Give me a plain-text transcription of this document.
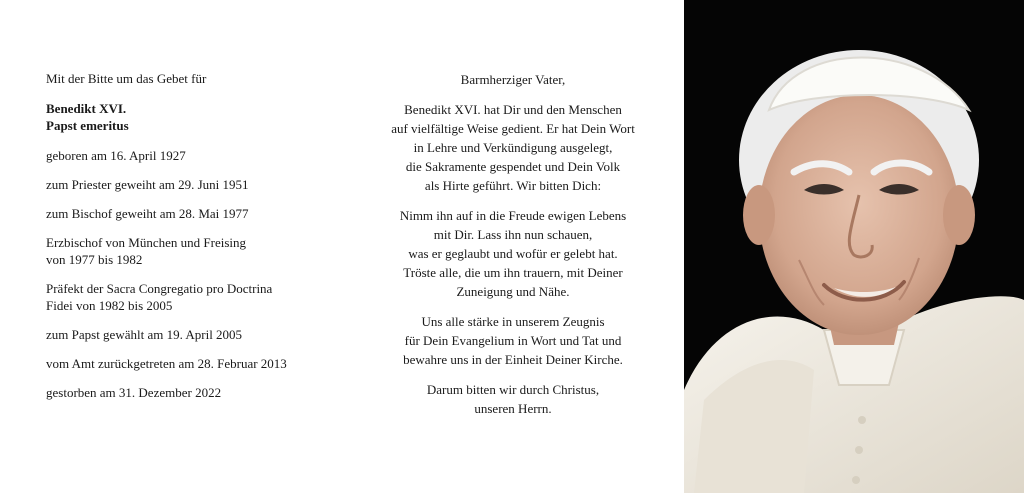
Mit der Bitte um das Gebet für

Benedikt XVI.
Papst emeritus

geboren am 16. April 1927

zum Priester geweiht am 29. Juni 1951

zum Bischof geweiht am 28. Mai 1977

Erzbischof von München und Freising
von 1977 bis 1982

Präfekt der Sacra Congregatio pro Doctrina
Fidei von 1982 bis 2005

zum Papst gewählt am 19. April 2005

vom Amt zurückgetreten am 28. Februar 2013

gestorben am 31. Dezember 2022

Barmherziger Vater,

Benedikt XVI. hat Dir und den Menschen
auf vielfältige Weise gedient. Er hat Dein Wort
in Lehre und Verkündigung ausgelegt,
die Sakramente gespendet und Dein Volk
als Hirte geführt. Wir bitten Dich:

Nimm ihn auf in die Freude ewigen Lebens
mit Dir. Lass ihn nun schauen,
was er geglaubt und wofür er gelebt hat.
Tröste alle, die um ihn trauern, mit Deiner
Zuneigung und Nähe.

Uns alle stärke in unserem Zeugnis
für Dein Evangelium in Wort und Tat und
bewahre uns in der Einheit Deiner Kirche.

Darum bitten wir durch Christus,
unseren Herrn.
